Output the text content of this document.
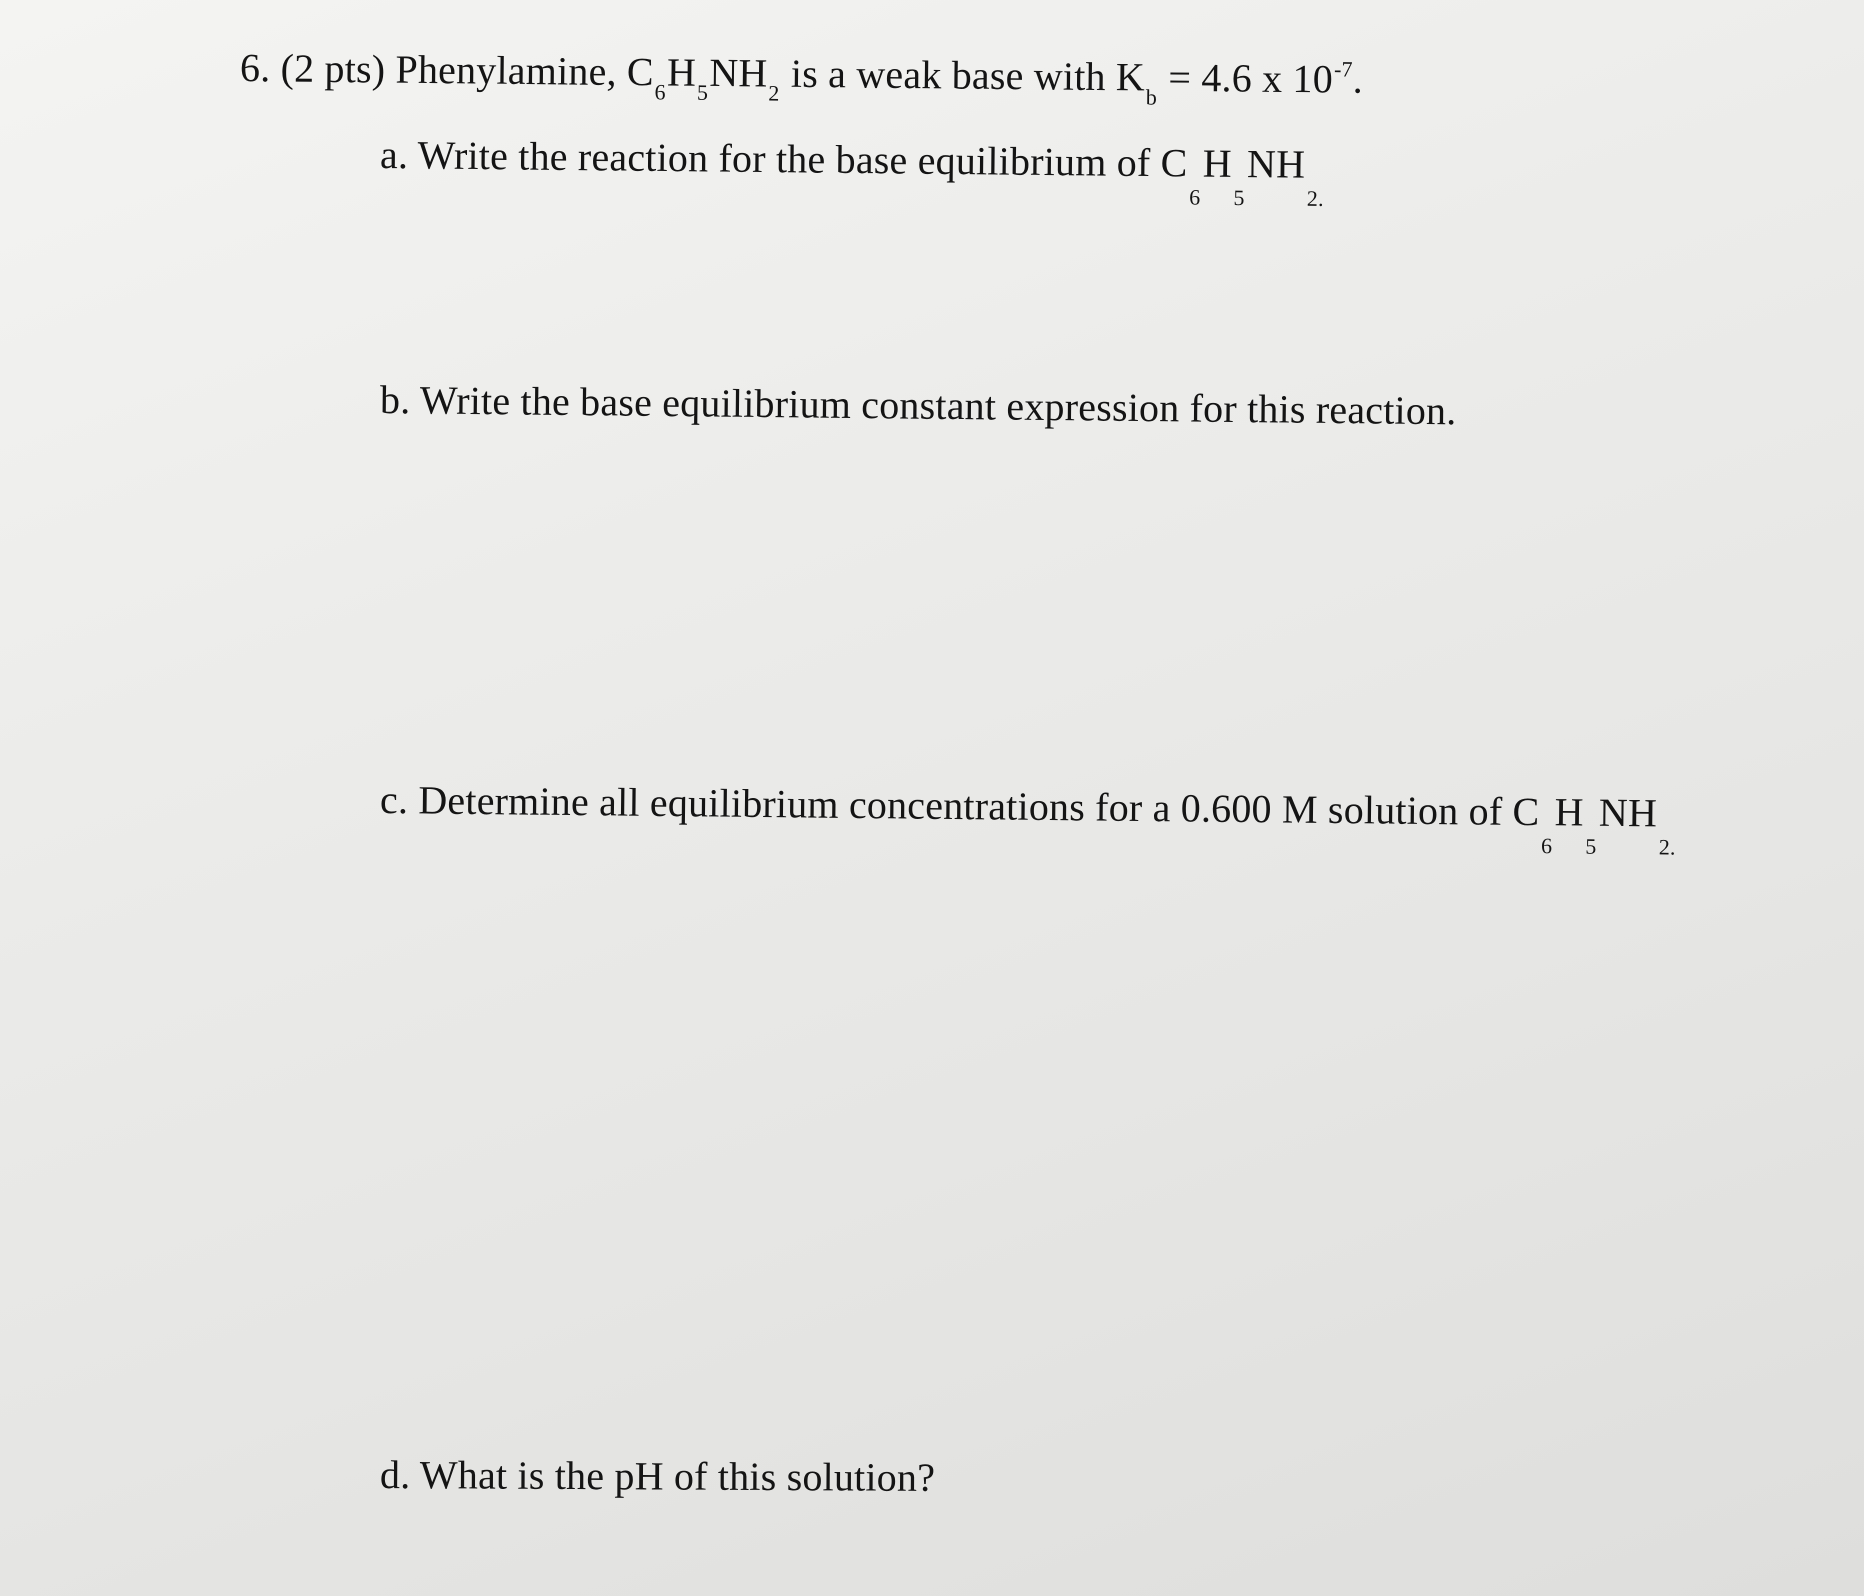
6. (2 pts) Phenylamine, $C_6H_5NH_2$ is a weak base with $K_b = 4.6$ x $10^{-7}$.
a. Write the reaction for the base equilibrium of $C_6H_5NH_{2.}$
b. Write the base equilibrium constant expression for this reaction.
c. Determine all equilibrium concentrations for a 0.600 M solution of $C_6H_5NH_{2.}$
d. What is the pH of this solution?
